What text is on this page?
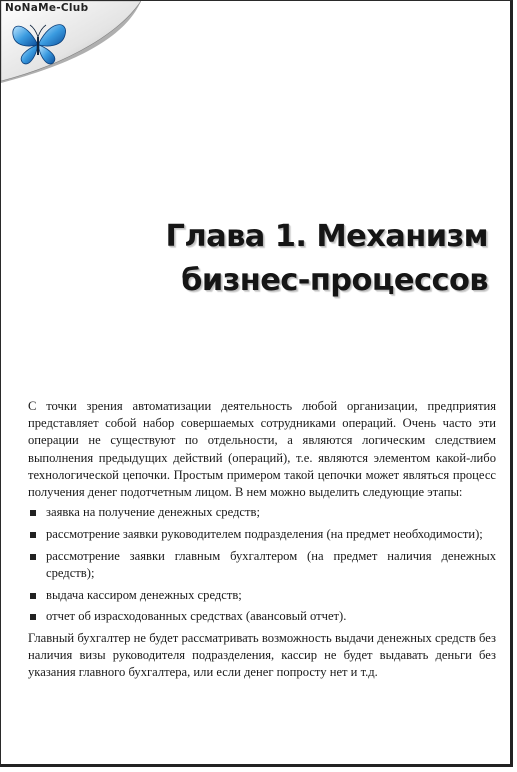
NoNaMe-Club
Глава 1. Механизм
бизнес-процессов

С точки зрения автоматизации деятельность любой организации, предприятия представляет собой набор совершаемых сотрудниками операций. Очень часто эти операции не существуют по отдельности, а являются логическим следствием выполнения предыдущих действий (операций), т.е. являются элементом какой-либо технологической цепочки. Простым примером такой цепочки может являться процесс получения денег подотчетным лицом. В нем можно выделить следующие этапы:

заявка на получение денежных средств;
рассмотрение заявки руководителем подразделения (на предмет необходимости);
рассмотрение заявки главным бухгалтером (на предмет наличия денежных средств);
выдача кассиром денежных средств;
отчет об израсходованных средствах (авансовый отчет).

Главный бухгалтер не будет рассматривать возможность выдачи денежных средств без наличия визы руководителя подразделения, кассир не будет выдавать деньги без указания главного бухгалтера, или если денег попросту нет и т.д.
